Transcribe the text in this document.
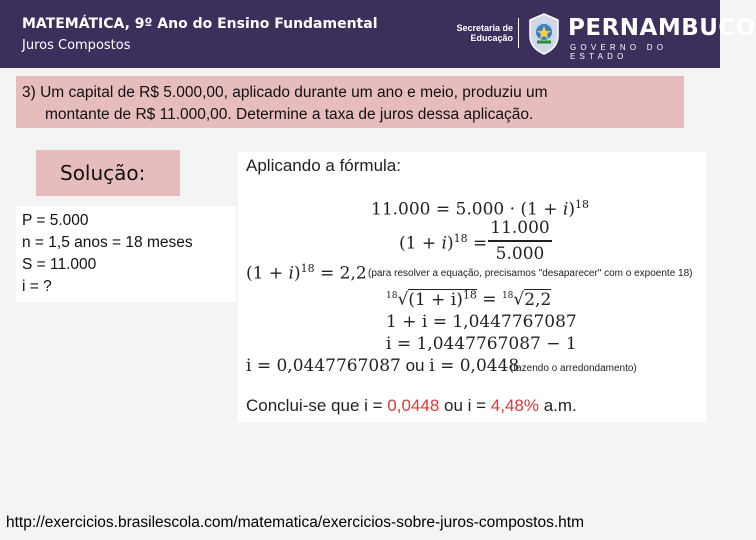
MATEMÁTICA, 9º Ano do Ensino Fundamental
Juros Compostos
Secretaria de
Educação PERNAMBUCO
GOVERNO DO ESTADO
3) Um capital de R$ 5.000,00, aplicado durante um ano e meio, produziu um
montante de R$ 11.000,00. Determine a taxa de juros dessa aplicação.
Solução:
P = 5.000
n = 1,5 anos = 18 meses
S = 11.000
i = ?
Aplicando a fórmula:
$11.000 = 5.000 \cdot (1 + i)^{18}$
$(1 + i)^{18}$ =
11.000
5.000
$(1 + i)^{18} = 2,2$ (para resolver a equação, precisamos "desaparecer" com o expoente 18)
$^{18}√(1 + i)^{18} = ^{18}√2,2$
1 + i = 1,0447767087
i = 1,0447767087 − 1
i = 0,0447767087 ou i = 0,0448
(fazendo o arredondamento)
Conclui-se que i = 0,0448 ou i = 4,48% a.m.
http://exercicios.brasilescola.com/matematica/exercicios-sobre-juros-compostos.htm
